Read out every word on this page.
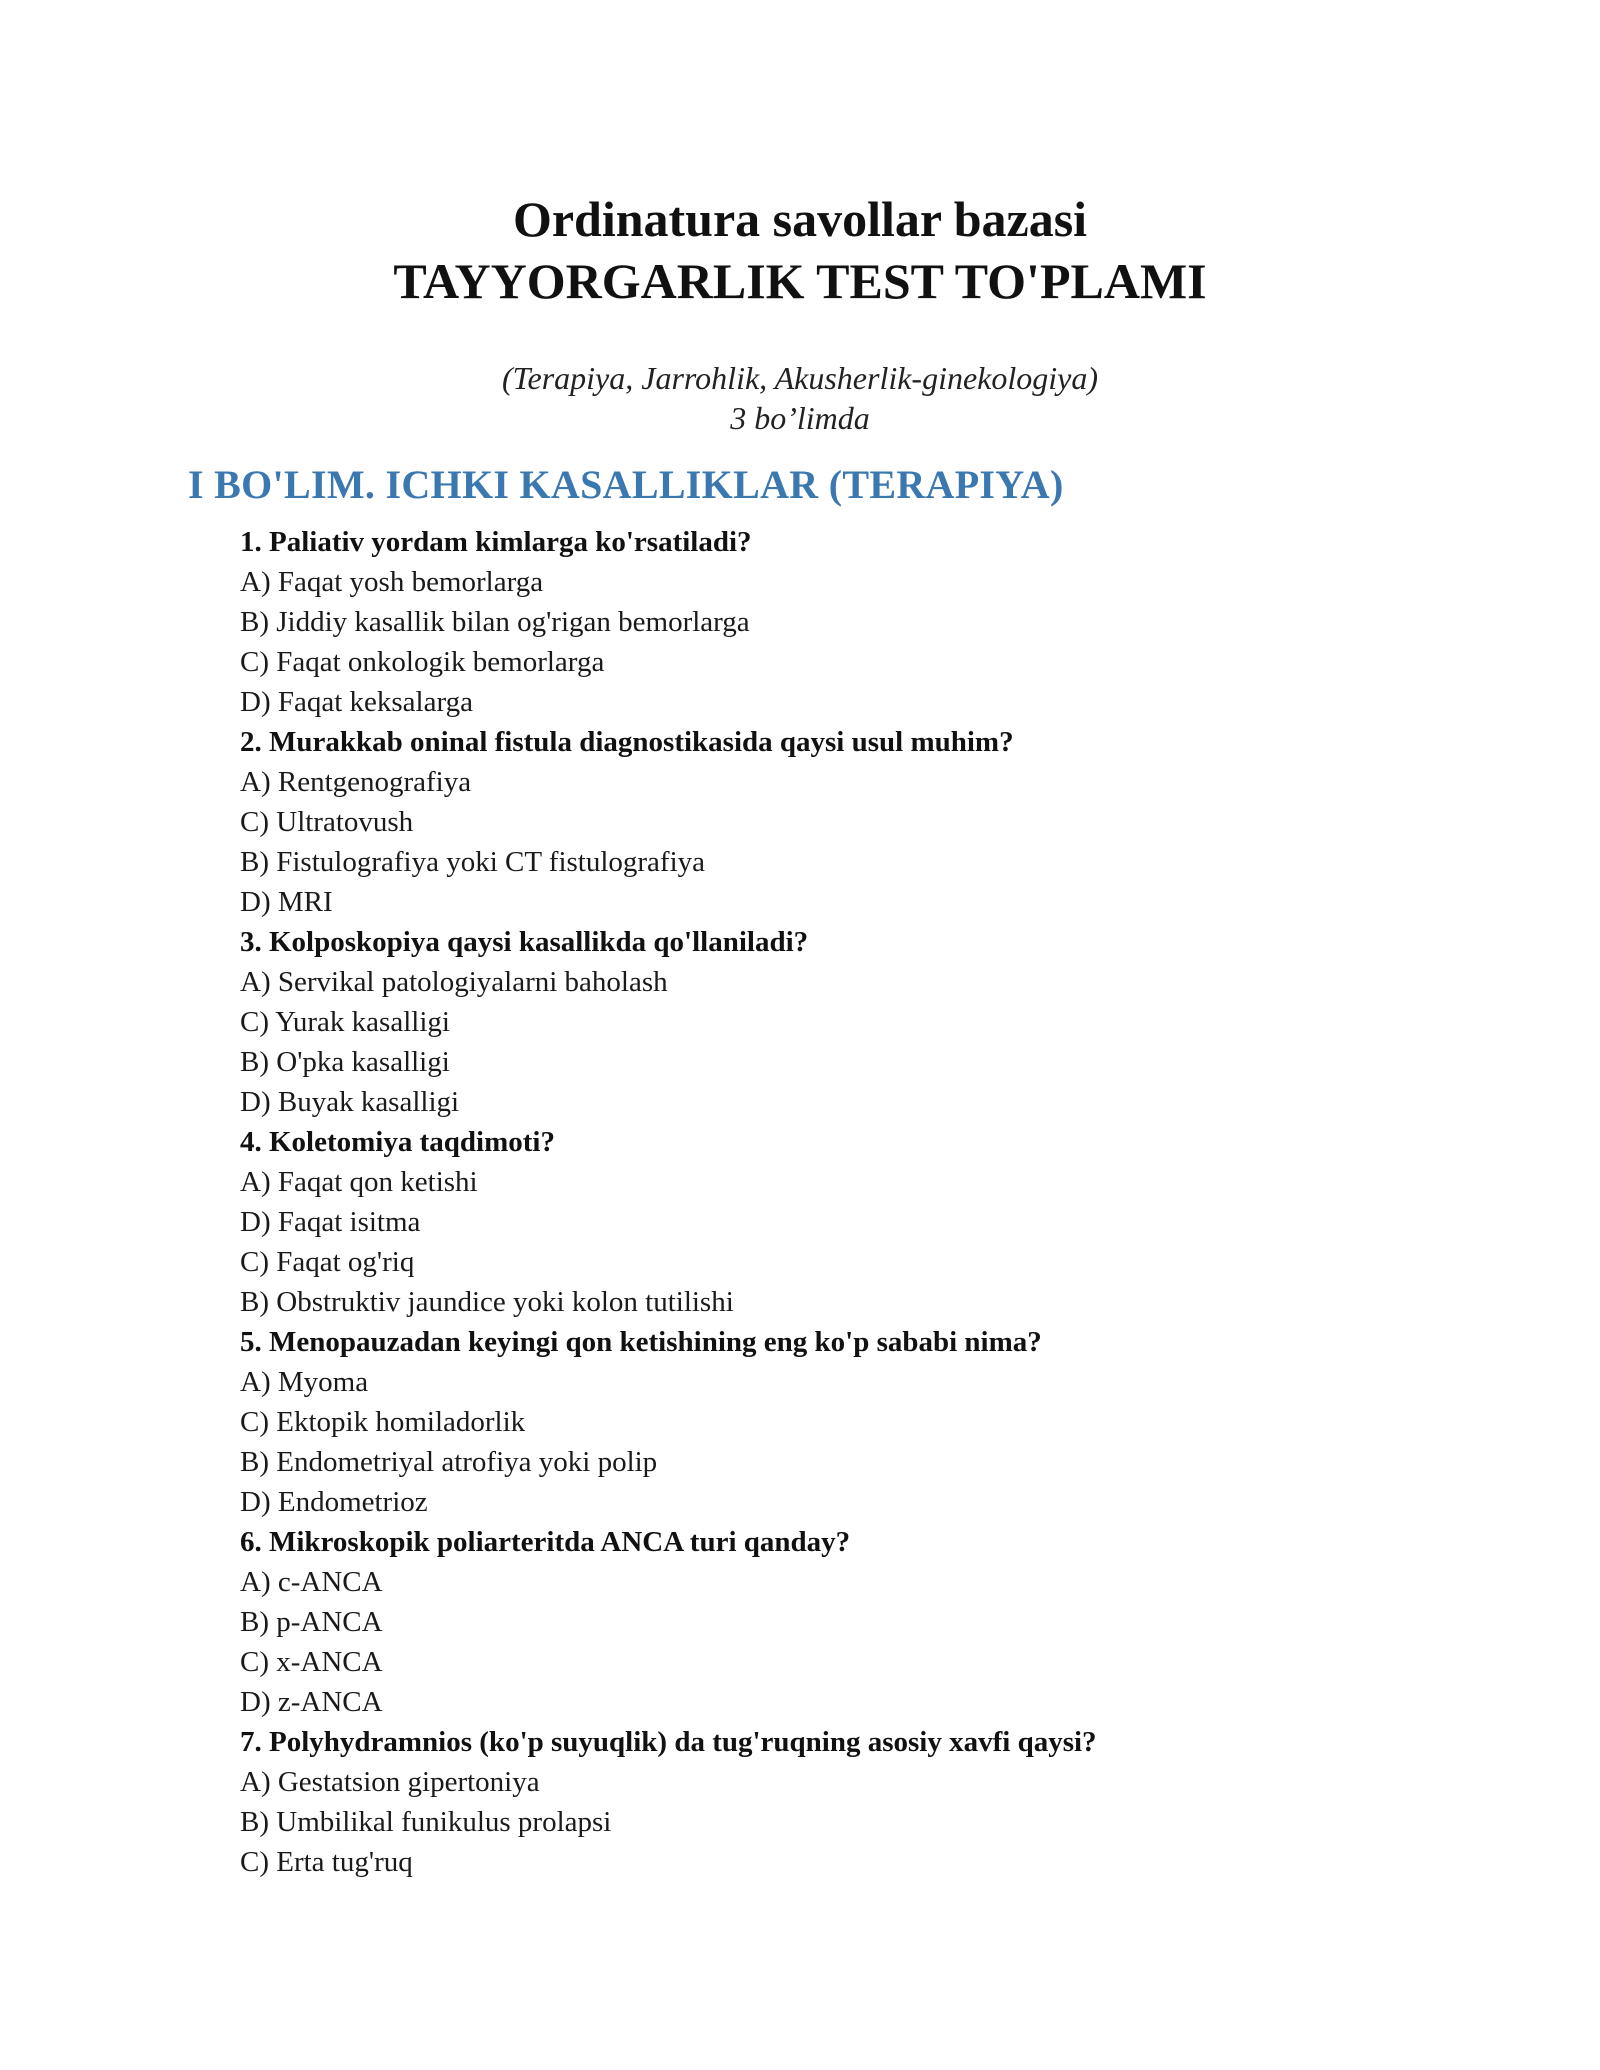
Ordinatura savollar bazasi

TAYYORGARLIK TEST TO'PLAMI

(Terapiya, Jarrohlik, Akusherlik-ginekologiya)

3 bo’limda

I BO'LIM. ICHKI KASALLIKLAR (TERAPIYA)
1. Paliativ yordam kimlarga ko'rsatiladi?
A) Faqat yosh bemorlarga
B) Jiddiy kasallik bilan og'rigan bemorlarga
C) Faqat onkologik bemorlarga
D) Faqat keksalarga
2. Murakkab oninal fistula diagnostikasida qaysi usul muhim?
A) Rentgenografiya
C) Ultratovush
B) Fistulografiya yoki CT fistulografiya
D) MRI
3. Kolposkopiya qaysi kasallikda qo'llaniladi?
A) Servikal patologiyalarni baholash
C) Yurak kasalligi
B) O'pka kasalligi
D) Buyak kasalligi
4. Koletomiya taqdimoti?
A) Faqat qon ketishi
D) Faqat isitma
C) Faqat og'riq
B) Obstruktiv jaundice yoki kolon tutilishi
5. Menopauzadan keyingi qon ketishining eng ko'p sababi nima?
A) Myoma
C) Ektopik homiladorlik
B) Endometriyal atrofiya yoki polip
D) Endometrioz
6. Mikroskopik poliarteritda ANCA turi qanday?
A) c-ANCA
B) p-ANCA
C) x-ANCA
D) z-ANCA
7. Polyhydramnios (ko'p suyuqlik) da tug'ruqning asosiy xavfi qaysi?
A) Gestatsion gipertoniya
B) Umbilikal funikulus prolapsi
C) Erta tug'ruq
